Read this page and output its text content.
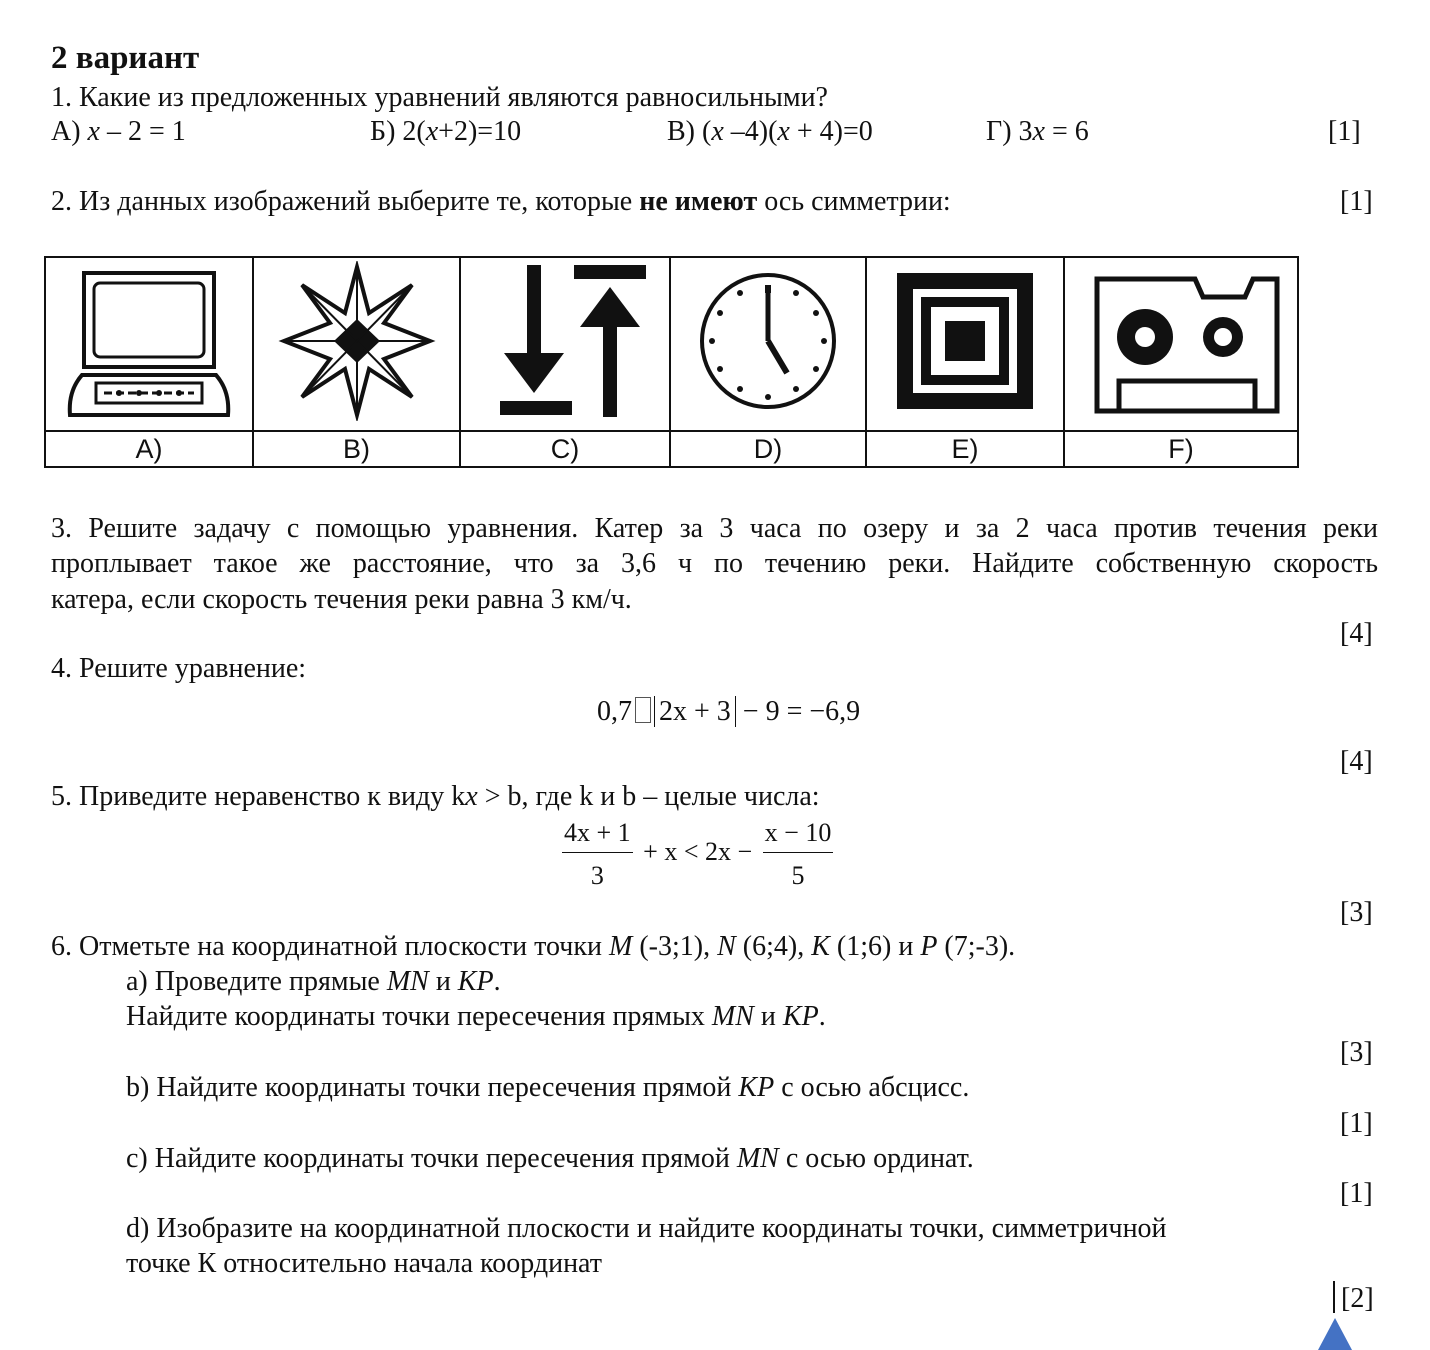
2 вариант
1. Какие из предложенных уравнений являются равносильными?
А) x – 2 = 1	Б) 2(x+2)=10	В) (x –4)(x + 4)=0	Г) 3x = 6	[1]
2. Из данных изображений выберите те, которые не имеют ось симметрии:	[1]

A)	B)	C)	D)	E)	F)
3. Решите задачу с помощью уравнения. Катер за 3 часа по озеру и за 2 часа против течения реки
проплывает такое же расстояние, что за 3,6 ч по течению реки. Найдите собственную скорость
катера, если скорость течения реки равна 3 км/ч.
[4]
4. Решите уравнение:
0,7 2x + 3 − 9 = −6,9
[4]
5. Приведите неравенство к виду kx > b, где k и b – целые числа:
$\frac{4x + 1}{3} + x < 2x - \frac{x - 10}{5}$
[3]
6. Отметьте на координатной плоскости точки M (-3;1), N (6;4), K (1;6) и P (7;-3).
a) Проведите прямые MN и KP.
Найдите координаты точки пересечения прямых MN и KP.
[3]
b) Найдите координаты точки пересечения прямой KP с осью абсцисс.
[1]
c) Найдите координаты точки пересечения прямой MN с осью ординат.
[1]
d) Изобразите на координатной плоскости и найдите координаты точки, симметричной
точке К относительно начала координат
[2]
